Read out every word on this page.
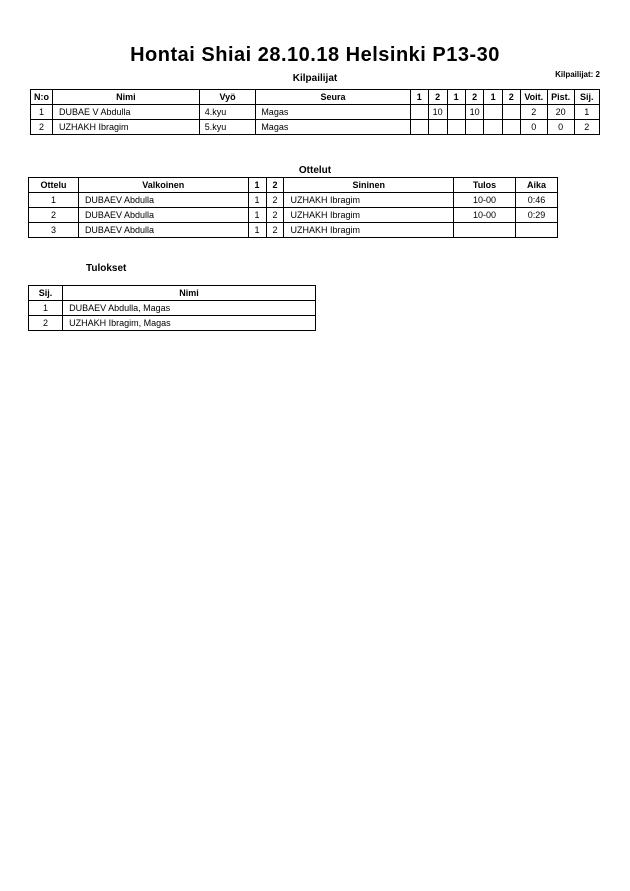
Hontai Shiai 28.10.18 Helsinki P13-30
Kilpailijat	Kilpailijat: 2
N:o	Nimi	Vyö	Seura	1	2	1	2	1	2	Voit.	Pist.	Sij.
1	DUBAE V Abdulla	4.kyu	Magas		10		10			2	20	1
2	UZHAKH Ibragim	5.kyu	Magas							0	0	2
Ottelut
Ottelu	Valkoinen	1	2	Sininen	Tulos	Aika
1	DUBAEV Abdulla	1	2	UZHAKH Ibragim	10-00	0:46
2	DUBAEV Abdulla	1	2	UZHAKH Ibragim	10-00	0:29
3	DUBAEV Abdulla	1	2	UZHAKH Ibragim		
Tulokset
Sij.	Nimi
1	DUBAEV Abdulla, Magas
2	UZHAKH Ibragim, Magas
